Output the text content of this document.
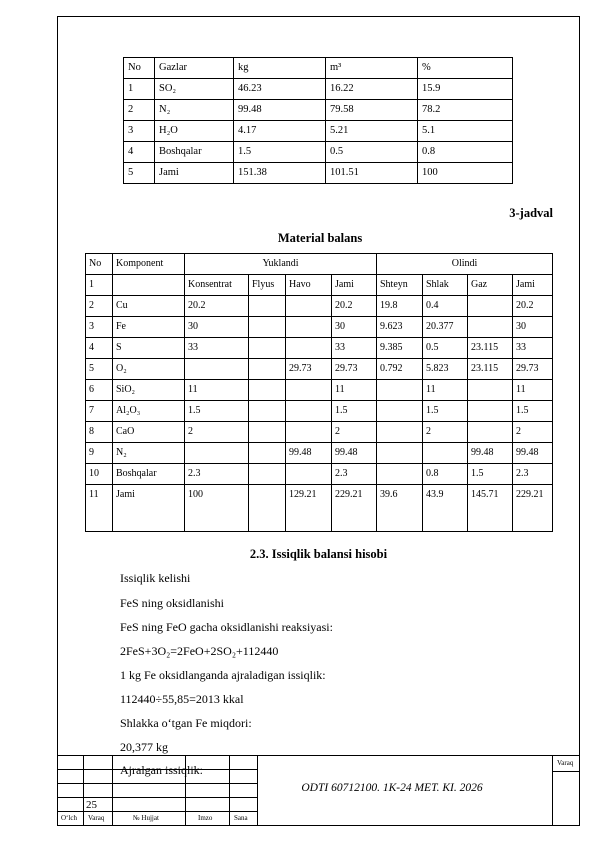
No	Gazlar	kg	m³	%
1	SO₂	46.23	16.22	15.9
2	N₂	99.48	79.58	78.2
3	H₂O	4.17	5.21	5.1
4	Boshqalar	1.5	0.5	0.8
5	Jami	151.38	101.51	100
3-jadval
Material balans
No	Komponent	Yuklandi				Olindi			
1		Konsentrat	Flyus	Havo	Jami	Shteyn	Shlak	Gaz	Jami
2	Cu	20.2			20.2	19.8	0.4		20.2
3	Fe	30			30	9.623	20.377		30
4	S	33			33	9.385	0.5	23.115	33
5	O₂			29.73	29.73	0.792	5.823	23.115	29.73
6	SiO₂	11			11		11		11
7	Al₂O₃	1.5			1.5		1.5		1.5
8	CaO	2			2		2		2
9	N₂			99.48	99.48			99.48	99.48
10	Boshqalar	2.3			2.3		0.8	1.5	2.3
11	Jami	100		129.21	229.21	39.6	43.9	145.71	229.21
2.3. Issiqlik balansi hisobi
Issiqlik kelishi
FeS ning oksidlanishi
FeS ning FeO gacha oksidlanishi reaksiyasi:
2FeS+3O₂=2FeO+2SO₂+112440
1 kg Fe oksidlanganda ajraladigan issiqlik:
112440÷55,85=2013 kkal
Shlakka o‘tgan Fe miqdori:
20,377 kg
Ajralgan issiqlik:
25
ODTI 60712100. 1K-24 MET. KI. 2026
Varaq
O‘lch Varaq	№ Hujjat	Imzo	Sana
